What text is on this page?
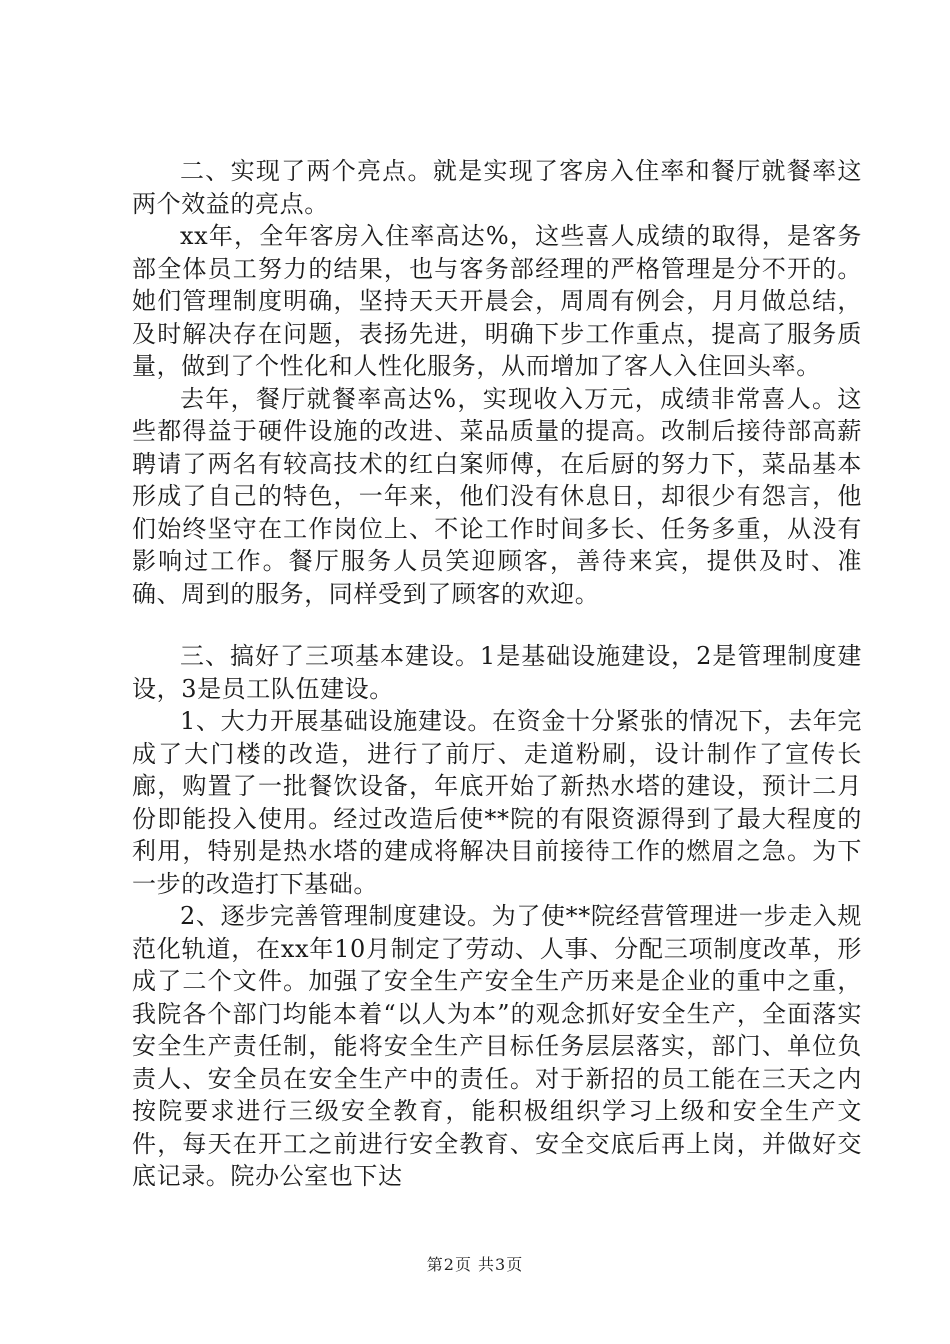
二、实现了两个亮点。就是实现了客房入住率和餐厅就餐率这两个效益的亮点。

xx年，全年客房入住率高达%，这些喜人成绩的取得，是客务部全体员工努力的结果，也与客务部经理的严格管理是分不开的。她们管理制度明确，坚持天天开晨会，周周有例会，月月做总结，及时解决存在问题，表扬先进，明确下步工作重点，提高了服务质量，做到了个性化和人性化服务，从而增加了客人入住回头率。

去年，餐厅就餐率高达%，实现收入万元，成绩非常喜人。这些都得益于硬件设施的改进、菜品质量的提高。改制后接待部高薪聘请了两名有较高技术的红白案师傅，在后厨的努力下，菜品基本形成了自己的特色，一年来，他们没有休息日，却很少有怨言，他们始终坚守在工作岗位上、不论工作时间多长、任务多重，从没有影响过工作。餐厅服务人员笑迎顾客，善待来宾，提供及时、准确、周到的服务，同样受到了顾客的欢迎。

三、搞好了三项基本建设。1是基础设施建设，2是管理制度建设，3是员工队伍建设。

1、大力开展基础设施建设。在资金十分紧张的情况下，去年完成了大门楼的改造，进行了前厅、走道粉刷，设计制作了宣传长廊，购置了一批餐饮设备，年底开始了新热水塔的建设，预计二月份即能投入使用。经过改造后使**院的有限资源得到了最大程度的利用，特别是热水塔的建成将解决目前接待工作的燃眉之急。为下一步的改造打下基础。

2、逐步完善管理制度建设。为了使**院经营管理进一步走入规范化轨道，在xx年10月制定了劳动、人事、分配三项制度改革，形成了二个文件。加强了安全生产安全生产历来是企业的重中之重，我院各个部门均能本着“以人为本”的观念抓好安全生产，全面落实安全生产责任制，能将安全生产目标任务层层落实，部门、单位负责人、安全员在安全生产中的责任。对于新招的员工能在三天之内按院要求进行三级安全教育，能积极组织学习上级和安全生产文件，每天在开工之前进行安全教育、安全交底后再上岗，并做好交底记录。院办公室也下达

第2页 共3页
